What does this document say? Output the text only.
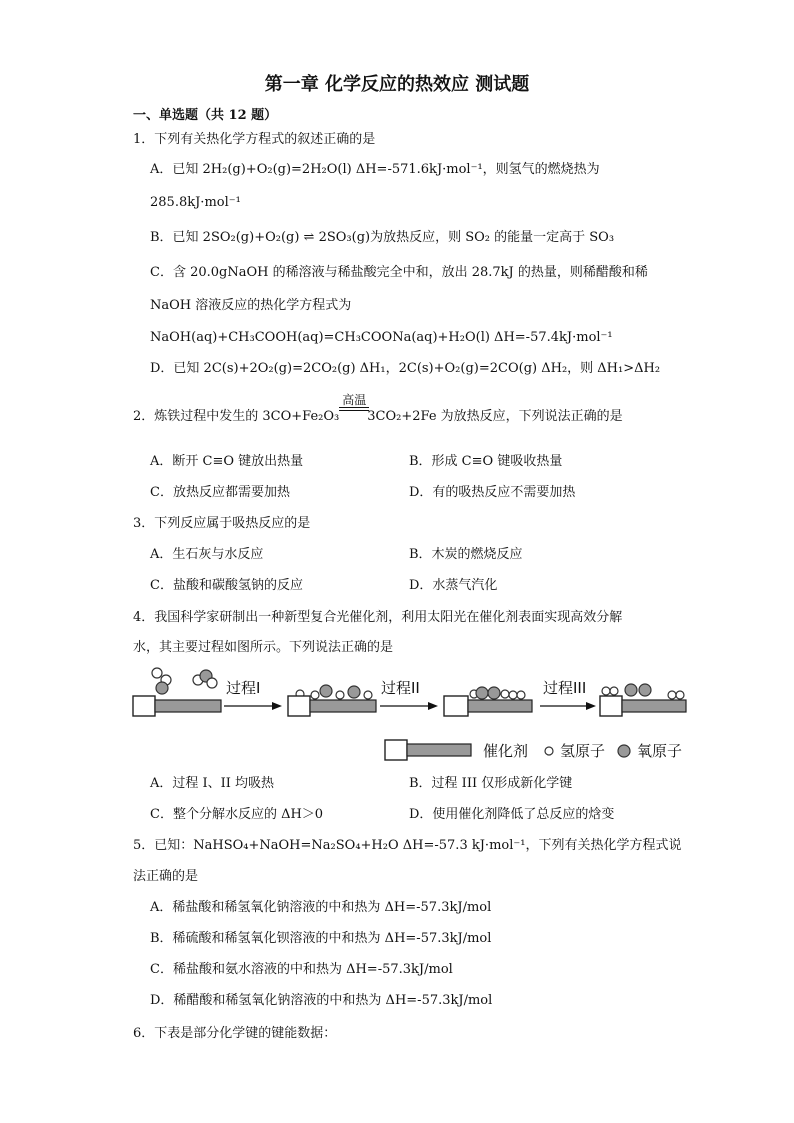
第一章 化学反应的热效应 测试题
一、单选题（共 12 题）
1．下列有关热化学方程式的叙述正确的是
A．已知 2H₂(g)+O₂(g)=2H₂O(l) ΔH=-571.6kJ·mol⁻¹，则氢气的燃烧热为
285.8kJ·mol⁻¹
B．已知 2SO₂(g)+O₂(g) ⇌ 2SO₃(g)为放热反应，则 SO₂ 的能量一定高于 SO₃
C．含 20.0gNaOH 的稀溶液与稀盐酸完全中和，放出 28.7kJ 的热量，则稀醋酸和稀
NaOH 溶液反应的热化学方程式为
NaOH(aq)+CH₃COOH(aq)=CH₃COONa(aq)+H₂O(l) ΔH=-57.4kJ·mol⁻¹
D．已知 2C(s)+2O₂(g)=2CO₂(g) ΔH₁，2C(s)+O₂(g)=2CO(g) ΔH₂，则 ΔH₁>ΔH₂
2．炼铁过程中发生的 3CO+Fe₂O₃
高温
3CO₂+2Fe 为放热反应，下列说法正确的是
A．断开 C≡O 键放出热量	B．形成 C≡O 键吸收热量
C．放热反应都需要加热	D．有的吸热反应不需要加热
3．下列反应属于吸热反应的是
A．生石灰与水反应	B．木炭的燃烧反应
C．盐酸和碳酸氢钠的反应	D．水蒸气汽化
4．我国科学家研制出一种新型复合光催化剂，利用太阳光在催化剂表面实现高效分解
水，其主要过程如图所示。下列说法正确的是
过程I	过程II	过程III
催化剂 氢原子 氧原子
A．过程 I、II 均吸热	B．过程 III 仅形成新化学键
C．整个分解水反应的 ΔH＞0	D．使用催化剂降低了总反应的焓变
5．已知：NaHSO₄+NaOH=Na₂SO₄+H₂O ΔH=-57.3 kJ·mol⁻¹，下列有关热化学方程式说
法正确的是
A．稀盐酸和稀氢氧化钠溶液的中和热为 ΔH=-57.3kJ/mol
B．稀硫酸和稀氢氧化钡溶液的中和热为 ΔH=-57.3kJ/mol
C．稀盐酸和氨水溶液的中和热为 ΔH=-57.3kJ/mol
D．稀醋酸和稀氢氧化钠溶液的中和热为 ΔH=-57.3kJ/mol
6．下表是部分化学键的键能数据：
